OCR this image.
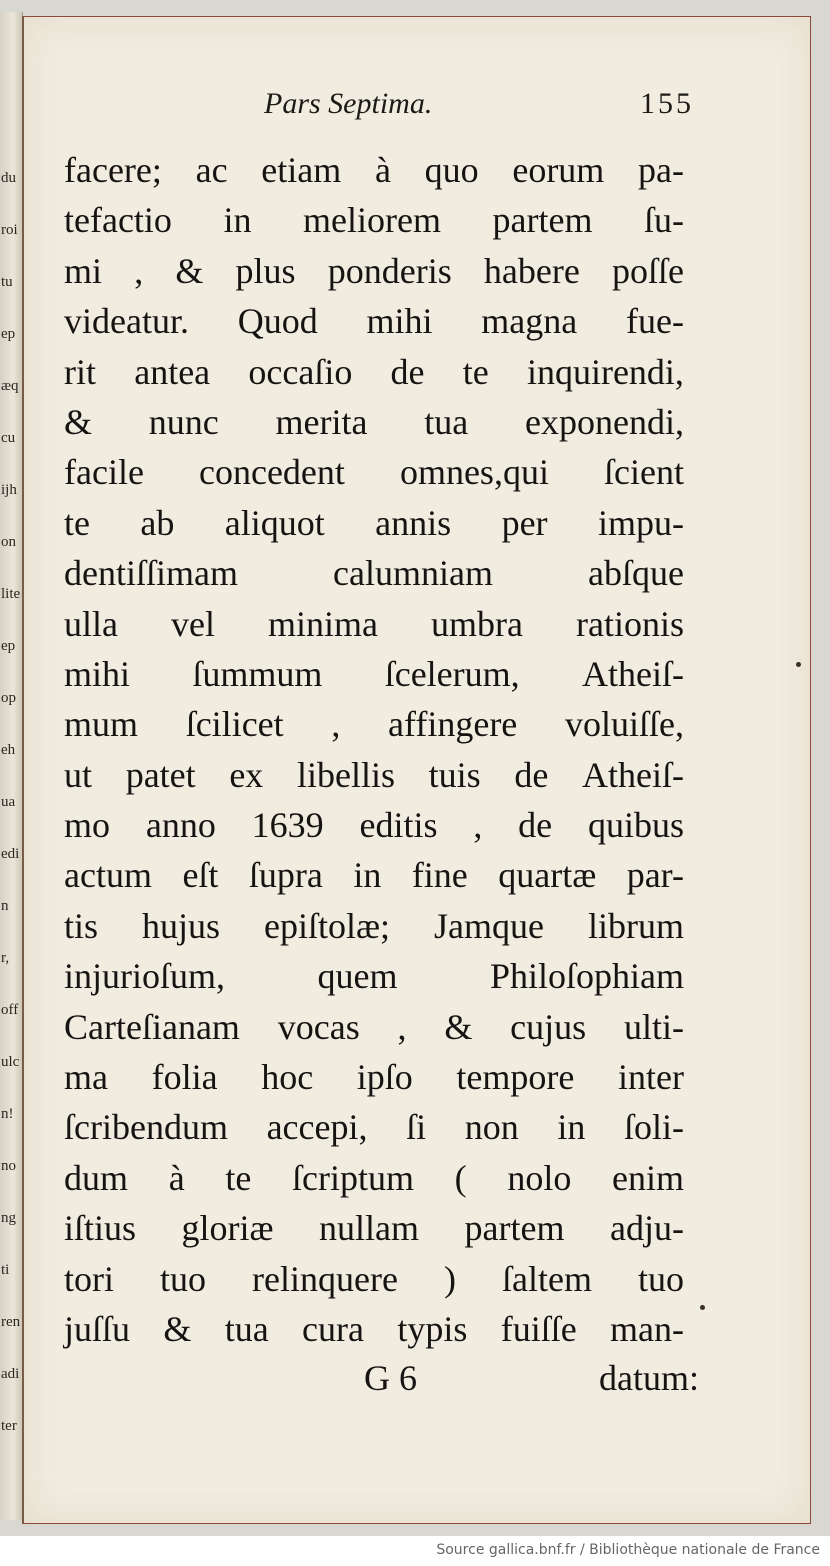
du
roi
tu
ep
æq
cu
ijh
on
lite
ep
op
eh
ua
edi
n
r,
off
ulc
n!
no
ng
ti
ren
adi
ter
Pars Septima.	155
facere; ac etiam à quo eorum pa-
tefactio in meliorem partem ſu-
mi , & plus ponderis habere poſſe
videatur. Quod mihi magna fue-
rit antea occaſio de te inquirendi,
& nunc merita tua exponendi,
facile concedent omnes,qui ſcient
te ab aliquot annis per impu-
dentiſſimam	calumniam	abſque
ulla vel minima umbra rationis
mihi ſummum ſcelerum, Atheiſ-
mum ſcilicet , affingere voluiſſe,
ut patet ex libellis tuis de Atheiſ-
mo anno 1639 editis , de quibus
actum eſt ſupra in fine quartæ par-
tis hujus epiſtolæ; Jamque librum
injurioſum,	quem	Philoſophiam
Carteſianam vocas , & cujus ulti-
ma folia hoc ipſo tempore inter
ſcribendum accepi, ſi non in ſoli-
dum à te ſcriptum ( nolo enim
iſtius gloriæ nullam partem adju-
tori tuo relinquere ) ſaltem tuo
juſſu & tua cura typis fuiſſe man-
G 6	datum:
Source gallica.bnf.fr / Bibliothèque nationale de France
